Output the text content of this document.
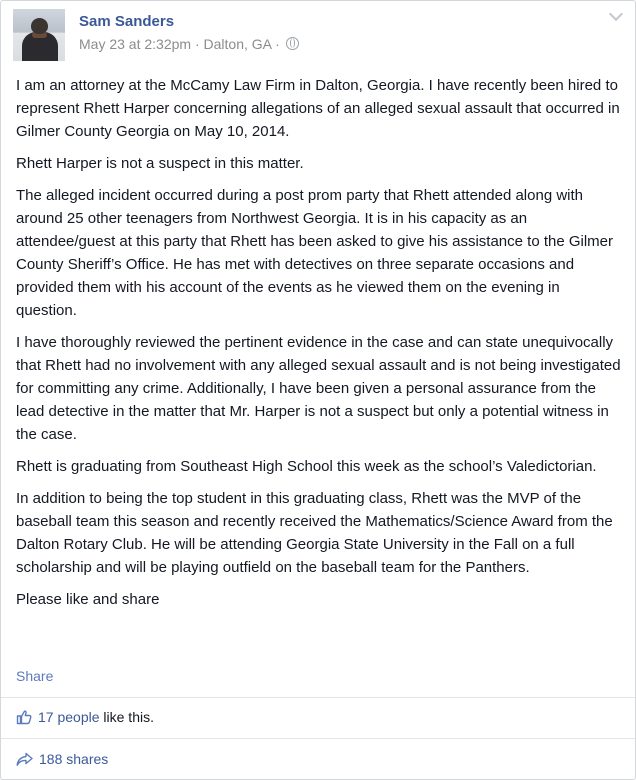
Sam Sanders
May 23 at 2:32pm · Dalton, GA ·

I am an attorney at the McCamy Law Firm in Dalton, Georgia. I have recently been hired to represent Rhett Harper concerning allegations of an alleged sexual assault that occurred in Gilmer County Georgia on May 10, 2014.

Rhett Harper is not a suspect in this matter.

The alleged incident occurred during a post prom party that Rhett attended along with around 25 other teenagers from Northwest Georgia. It is in his capacity as an attendee/guest at this party that Rhett has been asked to give his assistance to the Gilmer County Sheriff’s Office. He has met with detectives on three separate occasions and provided them with his account of the events as he viewed them on the evening in question.

I have thoroughly reviewed the pertinent evidence in the case and can state unequivocally that Rhett had no involvement with any alleged sexual assault and is not being investigated for committing any crime. Additionally, I have been given a personal assurance from the lead detective in the matter that Mr. Harper is not a suspect but only a potential witness in the case.

Rhett is graduating from Southeast High School this week as the school’s Valedictorian.

In addition to being the top student in this graduating class, Rhett was the MVP of the baseball team this season and recently received the Mathematics/Science Award from the Dalton Rotary Club. He will be attending Georgia State University in the Fall on a full scholarship and will be playing outfield on the baseball team for the Panthers.

Please like and share

Share
17 people like this.
188 shares
